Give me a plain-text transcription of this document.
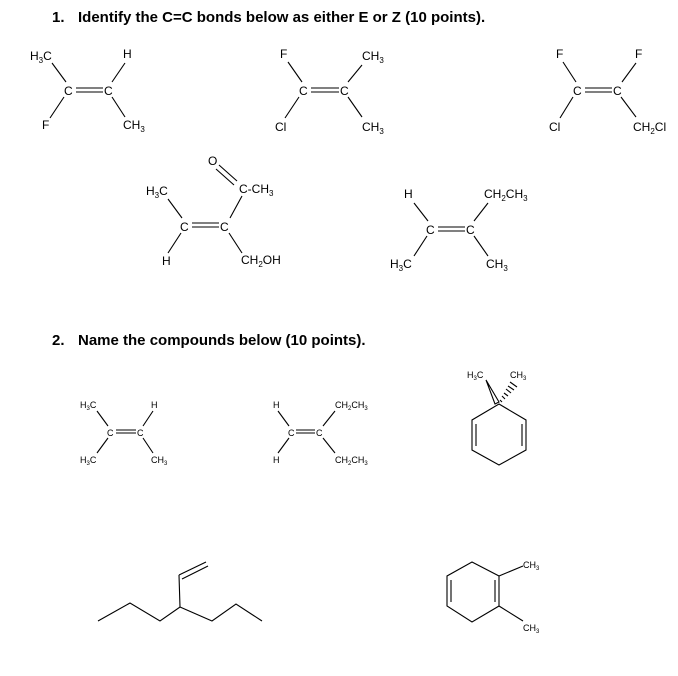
1. Identify the C=C bonds below as either E or Z (10 points).
2. Name the compounds below (10 points).
$H_3C$	H
C	C
F	$CH_3$
F	$CH_3$
C	C
Cl	$CH_3$
F	F
C	C
Cl	$CH_2Cl$
O
$H_3C$	$C-CH_3$
C	C
H	$CH_2OH$
H	$CH_2CH_3$
C	C
$H_3C$	$CH_3$
$H_3C$	H
C	C
$H_3C$	$CH_3$
H	$CH_2CH_3$
C C
H	$CH_2CH_3$
$H_3C$	$CH_3$
$CH_3$
$CH_3$
